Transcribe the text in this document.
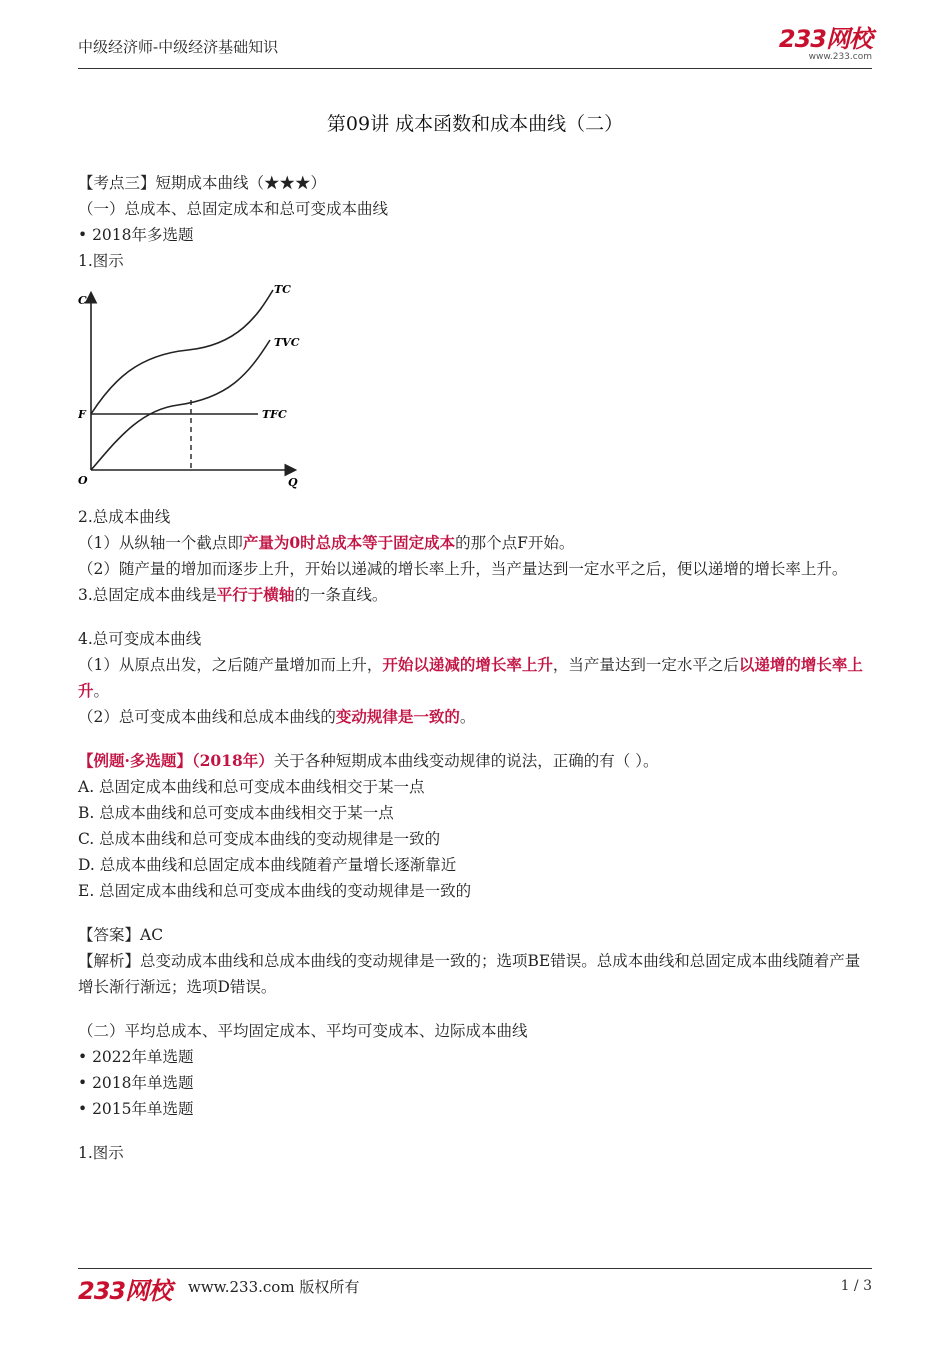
中级经济师-中级经济基础知识	233网校
www.233.com
第09讲 成本函数和成本曲线（二）
【考点三】短期成本曲线（★★★）
（一）总成本、总固定成本和总可变成本曲线
• 2018年多选题
1.图示
C
F
O	Q
TC
TVC
TFC
2.总成本曲线
（1）从纵轴一个截点即产量为0时总成本等于固定成本的那个点F开始。
（2）随产量的增加而逐步上升，开始以递减的增长率上升，当产量达到一定水平之后，便以递增的增长率上升。
3.总固定成本曲线是平行于横轴的一条直线。
4.总可变成本曲线
（1）从原点出发，之后随产量增加而上升，开始以递减的增长率上升，当产量达到一定水平之后以递增的增长率上升。
（2）总可变成本曲线和总成本曲线的变动规律是一致的。
【例题·多选题】（2018年）关于各种短期成本曲线变动规律的说法，正确的有（ ）。
A. 总固定成本曲线和总可变成本曲线相交于某一点
B. 总成本曲线和总可变成本曲线相交于某一点
C. 总成本曲线和总可变成本曲线的变动规律是一致的
D. 总成本曲线和总固定成本曲线随着产量增长逐渐靠近
E. 总固定成本曲线和总可变成本曲线的变动规律是一致的
【答案】AC
【解析】总变动成本曲线和总成本曲线的变动规律是一致的；选项BE错误。总成本曲线和总固定成本曲线随着产量增长渐行渐远；选项D错误。
（二）平均总成本、平均固定成本、平均可变成本、边际成本曲线
• 2022年单选题
• 2018年单选题
• 2015年单选题
1.图示
233网校 www.233.com 版权所有	1 / 3
